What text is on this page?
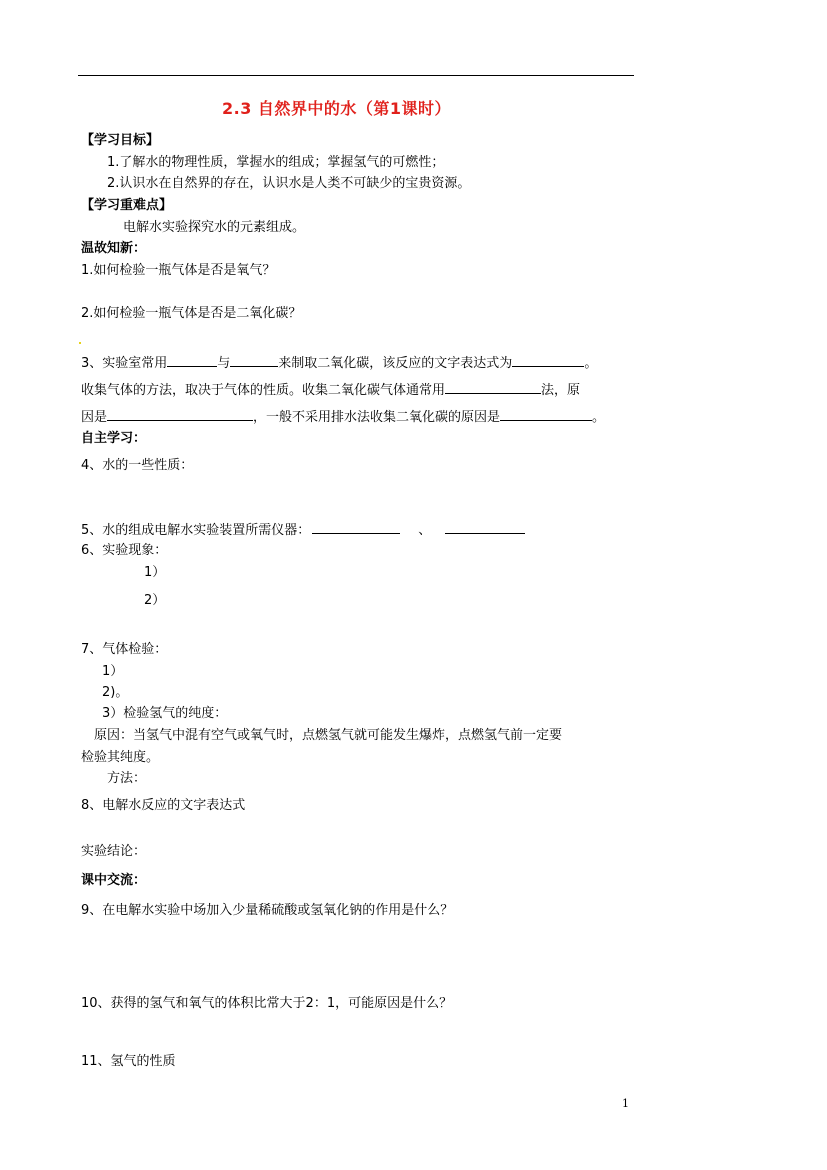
2.3 自然界中的水（第1课时）
【学习目标】
1.了解水的物理性质，掌握水的组成；掌握氢气的可燃性；
2.认识水在自然界的存在，认识水是人类不可缺少的宝贵资源。
【学习重难点】
电解水实验探究水的元素组成。
温故知新：
1.如何检验一瓶气体是否是氧气？
2.如何检验一瓶气体是否是二氧化碳？
3、实验室常用	与	来制取二氧化碳，该反应的文字表达式为	。
收集气体的方法，取决于气体的性质。收集二氧化碳气体通常用	法，原
因是	，一般不采用排水法收集二氧化碳的原因是	。
自主学习：
4、水的一些性质：
5、水的组成电解水实验装置所需仪器：	、
6、实验现象：
1）
2）
7、气体检验：
1）
2)。
3）检验氢气的纯度：
原因：当氢气中混有空气或氧气时，点燃氢气就可能发生爆炸，点燃氢气前一定要
检验其纯度。
方法：
8、电解水反应的文字表达式
实验结论：
课中交流：
9、在电解水实验中场加入少量稀硫酸或氢氧化钠的作用是什么？
10、获得的氢气和氧气的体积比常大于2：1，可能原因是什么？
11、氢气的性质
1
